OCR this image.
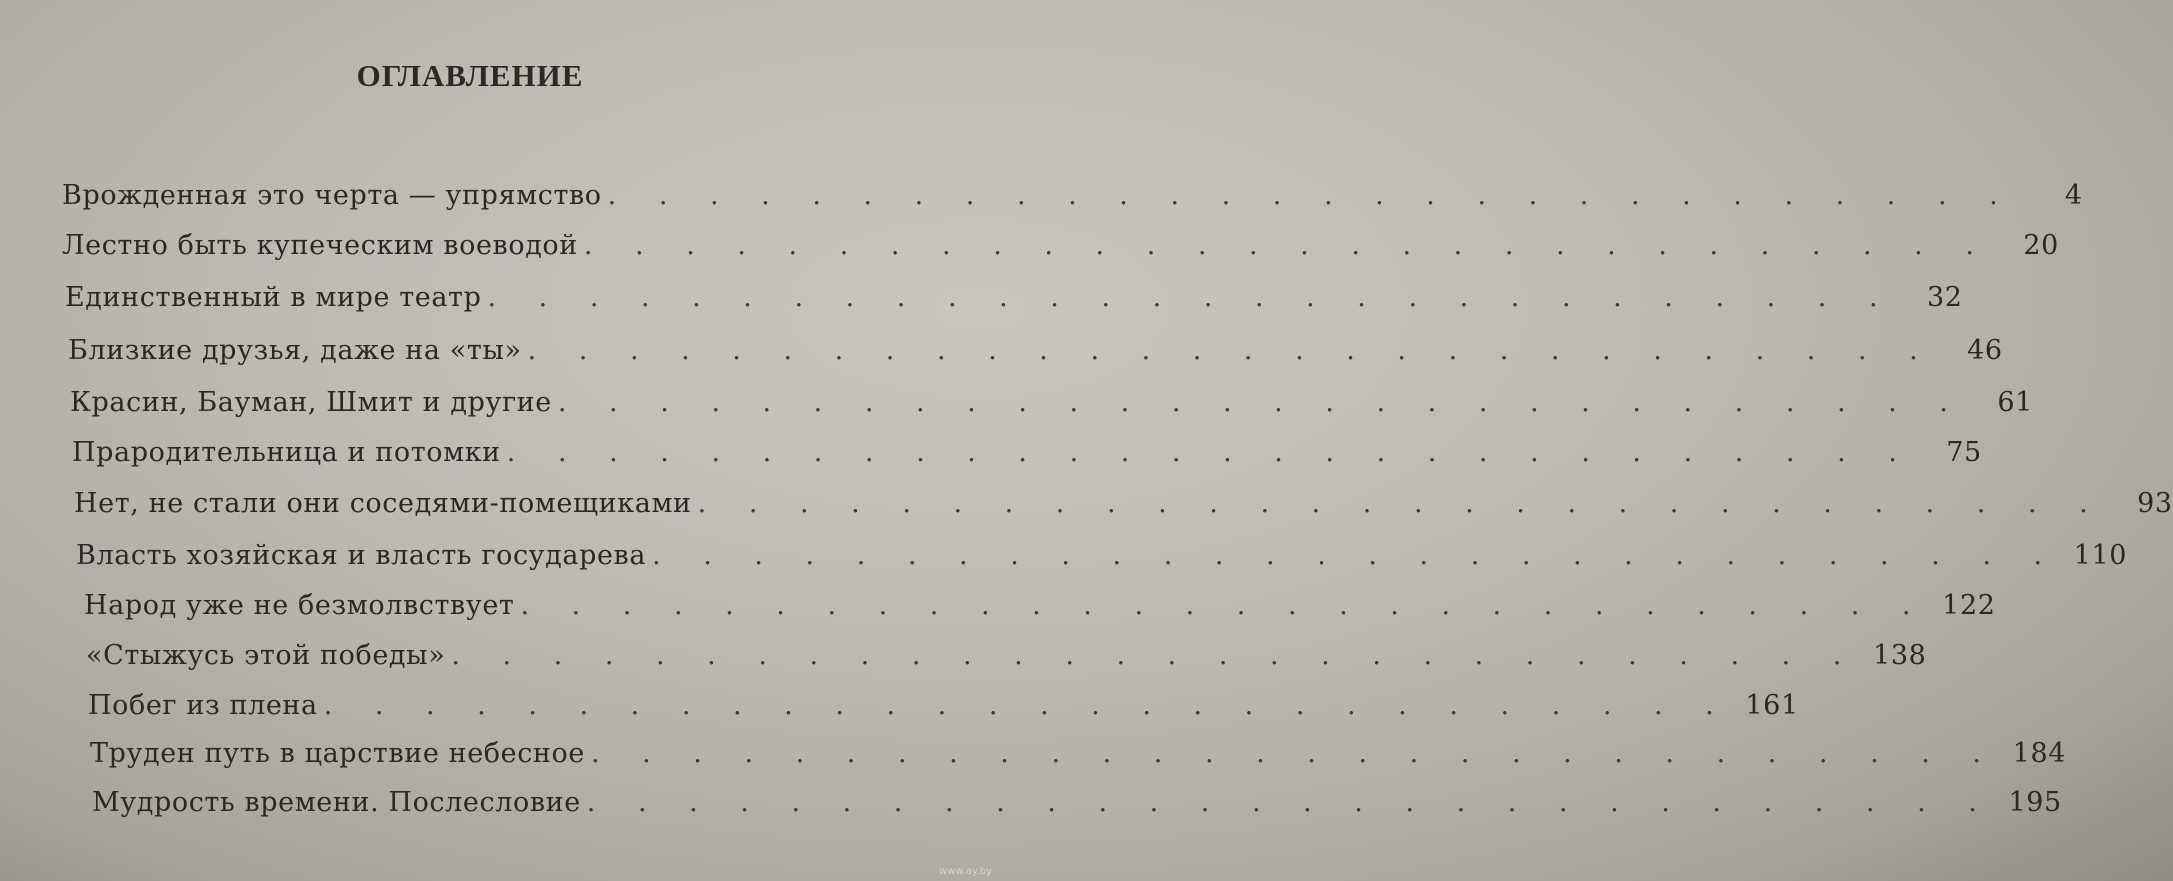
ОГЛАВЛЕНИЕ
Врожденная это черта — упрямство . . . . . . . . . . . . . . . . . . . . . . . . . . . .	4
Лестно быть купеческим воеводой . . . . . . . . . . . . . . . . . . . . . . . . . . . .	20
Единственный в мире театр . . . . . . . . . . . . . . . . . . . . . . . . . . . .	32
Близкие друзья, даже на «ты» . . . . . . . . . . . . . . . . . . . . . . . . . . . .	46
Красин, Бауман, Шмит и другие . . . . . . . . . . . . . . . . . . . . . . . . . . . .	61
Прародительница и потомки . . . . . . . . . . . . . . . . . . . . . . . . . . . .	75
Нет, не стали они соседями-помещиками . . . . . . . . . . . . . . . . . . . . . . . . . . . .	93
Власть хозяйская и власть государева . . . . . . . . . . . . . . . . . . . . . . . . . . . . 110
Народ уже не безмолвствует . . . . . . . . . . . . . . . . . . . . . . . . . . . . 122
«Стыжусь этой победы» . . . . . . . . . . . . . . . . . . . . . . . . . . . . 138
Побег из плена . . . . . . . . . . . . . . . . . . . . . . . . . . . . 161
Труден путь в царствие небесное . . . . . . . . . . . . . . . . . . . . . . . . . . . . 184
Мудрость времени. Послесловие . . . . . . . . . . . . . . . . . . . . . . . . . . . . 195
www.ay.by
